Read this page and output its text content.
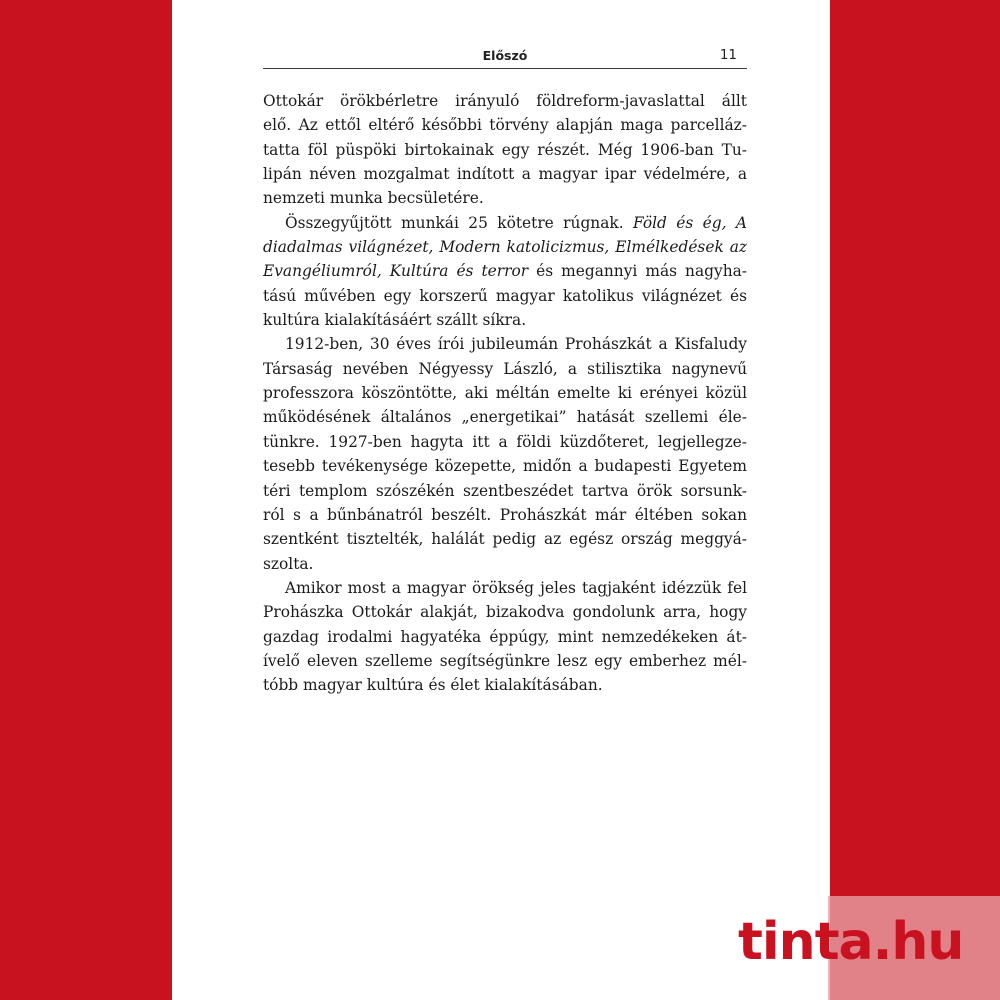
Előszó	11
Ottokár örökbérletre irányuló földreform-javaslattal állt
elő. Az ettől eltérő későbbi törvény alapján maga parcelláz-
tatta föl püspöki birtokainak egy részét. Még 1906-ban Tu-
lipán néven mozgalmat indított a magyar ipar védelmére, a
nemzeti munka becsületére.
Összegyűjtött munkái 25 kötetre rúgnak. Föld és ég, A
diadalmas világnézet, Modern katolicizmus, Elmélkedések az
Evangéliumról, Kultúra és terror és megannyi más nagyha-
tású művében egy korszerű magyar katolikus világnézet és
kultúra kialakításáért szállt síkra.
1912-ben, 30 éves írói jubileumán Prohászkát a Kisfaludy
Társaság nevében Négyessy László, a stilisztika nagynevű
professzora köszöntötte, aki méltán emelte ki erényei közül
működésének általános „energetikai” hatását szellemi éle-
tünkre. 1927-ben hagyta itt a földi küzdőteret, legjellegze-
tesebb tevékenysége közepette, midőn a budapesti Egyetem
téri templom szószékén szentbeszédet tartva örök sorsunk-
ról s a bűnbánatról beszélt. Prohászkát már éltében sokan
szentként tisztelték, halálát pedig az egész ország meggyá-
szolta.
Amikor most a magyar örökség jeles tagjaként idézzük fel
Prohászka Ottokár alakját, bizakodva gondolunk arra, hogy
gazdag irodalmi hagyatéka éppúgy, mint nemzedékeken át-
ívelő eleven szelleme segítségünkre lesz egy emberhez mél-
tóbb magyar kultúra és élet kialakításában.
tinta.hu
